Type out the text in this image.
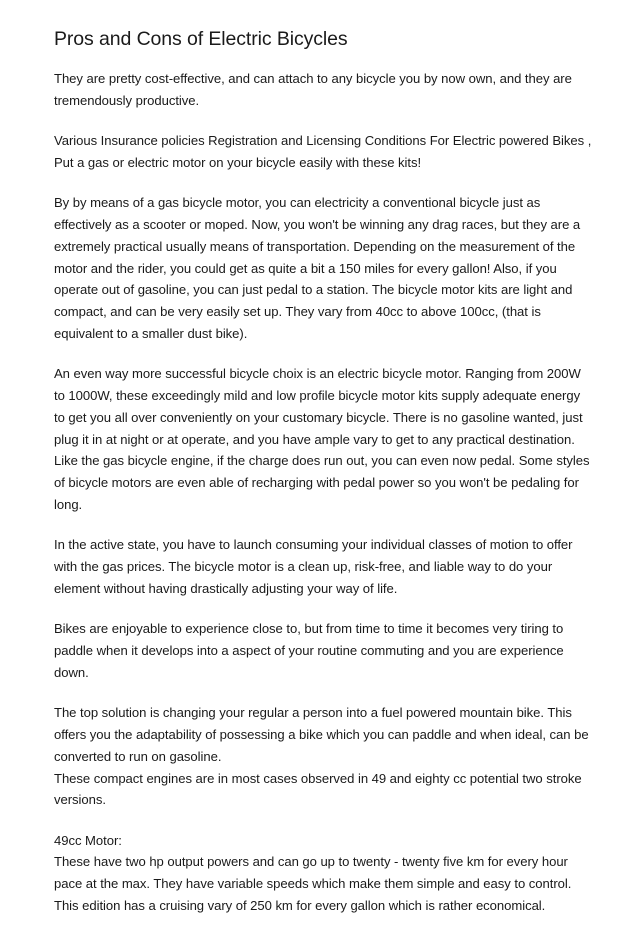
Pros and Cons of Electric Bicycles

They are pretty cost-effective, and can attach to any bicycle you by now own, and they are tremendously productive.

Various Insurance policies Registration and Licensing Conditions For Electric powered Bikes , Put a gas or electric motor on your bicycle easily with these kits!

By by means of a gas bicycle motor, you can electricity a conventional bicycle just as effectively as a scooter or moped. Now, you won't be winning any drag races, but they are a extremely practical usually means of transportation. Depending on the measurement of the motor and the rider, you could get as quite a bit a 150 miles for every gallon! Also, if you operate out of gasoline, you can just pedal to a station. The bicycle motor kits are light and compact, and can be very easily set up. They vary from 40cc to above 100cc, (that is equivalent to a smaller dust bike).

An even way more successful bicycle choix is an electric bicycle motor. Ranging from 200W to 1000W, these exceedingly mild and low profile bicycle motor kits supply adequate energy to get you all over conveniently on your customary bicycle. There is no gasoline wanted, just plug it in at night or at operate, and you have ample vary to get to any practical destination. Like the gas bicycle engine, if the charge does run out, you can even now pedal. Some styles of bicycle motors are even able of recharging with pedal power so you won't be pedaling for long.

In the active state, you have to launch consuming your individual classes of motion to offer with the gas prices. The bicycle motor is a clean up, risk-free, and liable way to do your element without having drastically adjusting your way of life.

Bikes are enjoyable to experience close to, but from time to time it becomes very tiring to paddle when it develops into a aspect of your routine commuting and you are experience down.

The top solution is changing your regular a person into a fuel powered mountain bike. This offers you the adaptability of possessing a bike which you can paddle and when ideal, can be converted to run on gasoline.

These compact engines are in most cases observed in 49 and eighty cc potential two stroke versions.

49cc Motor:

These have two hp output powers and can go up to twenty - twenty five km for every hour pace at the max. They have variable speeds which make them simple and easy to control. This edition has a cruising vary of 250 km for every gallon which is rather economical.
